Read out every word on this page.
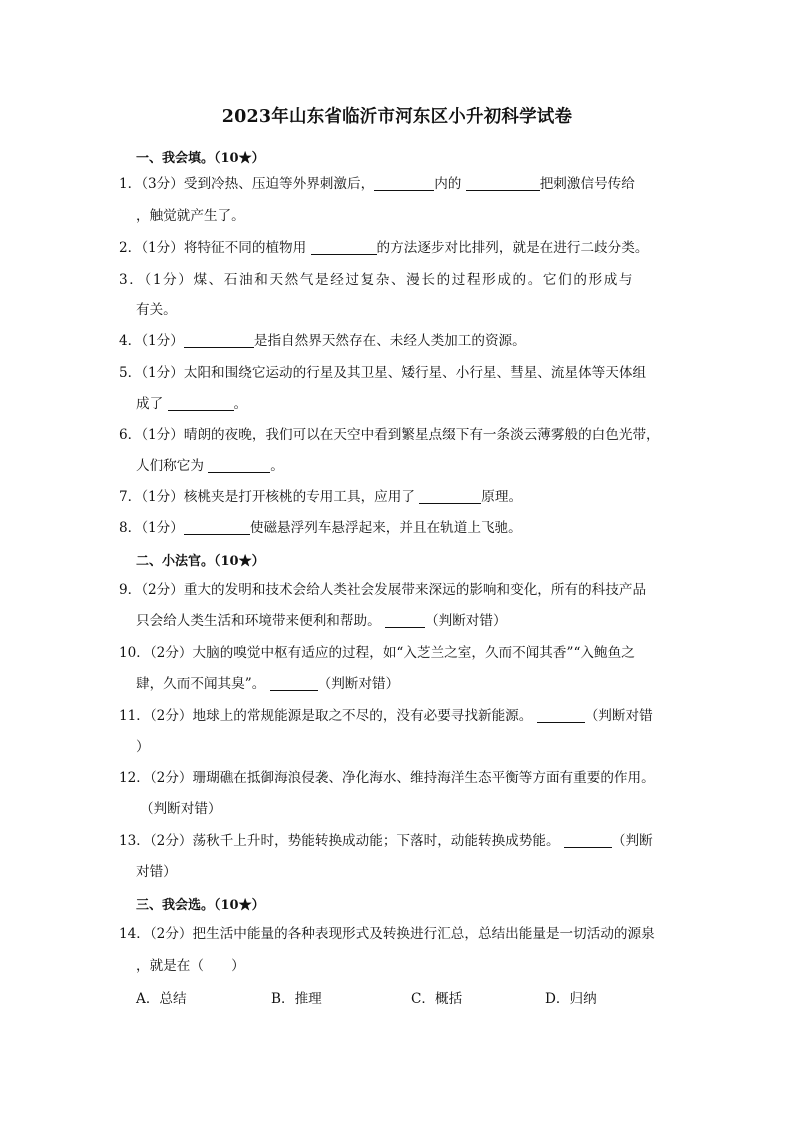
2023年山东省临沂市河东区小升初科学试卷
一、我会填。（10★）
1．（3分）受到冷热、压迫等外界刺激后，	内的	把刺激信号传给
，触觉就产生了。
2．（1分）将特征不同的植物用	的方法逐步对比排列，就是在进行二歧分类。
3．（1分）煤、石油和天然气是经过复杂、漫长的过程形成的。它们的形成与
有关。
4．（1分）	是指自然界天然存在、未经人类加工的资源。
5．（1分）太阳和围绕它运动的行星及其卫星、矮行星、小行星、彗星、流星体等天体组
成了	。
6．（1分）晴朗的夜晚，我们可以在天空中看到繁星点缀下有一条淡云薄雾般的白色光带，
人们称它为	。
7．（1分）核桃夹是打开核桃的专用工具，应用了	原理。
8．（1分）	使磁悬浮列车悬浮起来，并且在轨道上飞驰。
二、小法官。（10★）
9．（2分）重大的发明和技术会给人类社会发展带来深远的影响和变化，所有的科技产品
只会给人类生活和环境带来便利和帮助。	（判断对错）
10．（2分）大脑的嗅觉中枢有适应的过程，如“入芝兰之室，久而不闻其香”“入鲍鱼之
肆，久而不闻其臭”。	（判断对错）
11．（2分）地球上的常规能源是取之不尽的，没有必要寻找新能源。	（判断对错
）
12．（2分）珊瑚礁在抵御海浪侵袭、净化海水、维持海洋生态平衡等方面有重要的作用。
（判断对错）
13．（2分）荡秋千上升时，势能转换成动能；下落时，动能转换成势能。	（判断
对错）
三、我会选。（10★）
14．（2分）把生活中能量的各种表现形式及转换进行汇总，总结出能量是一切活动的源泉
，就是在（　　）
A．总结	B．推理	C．概括	D．归纳
